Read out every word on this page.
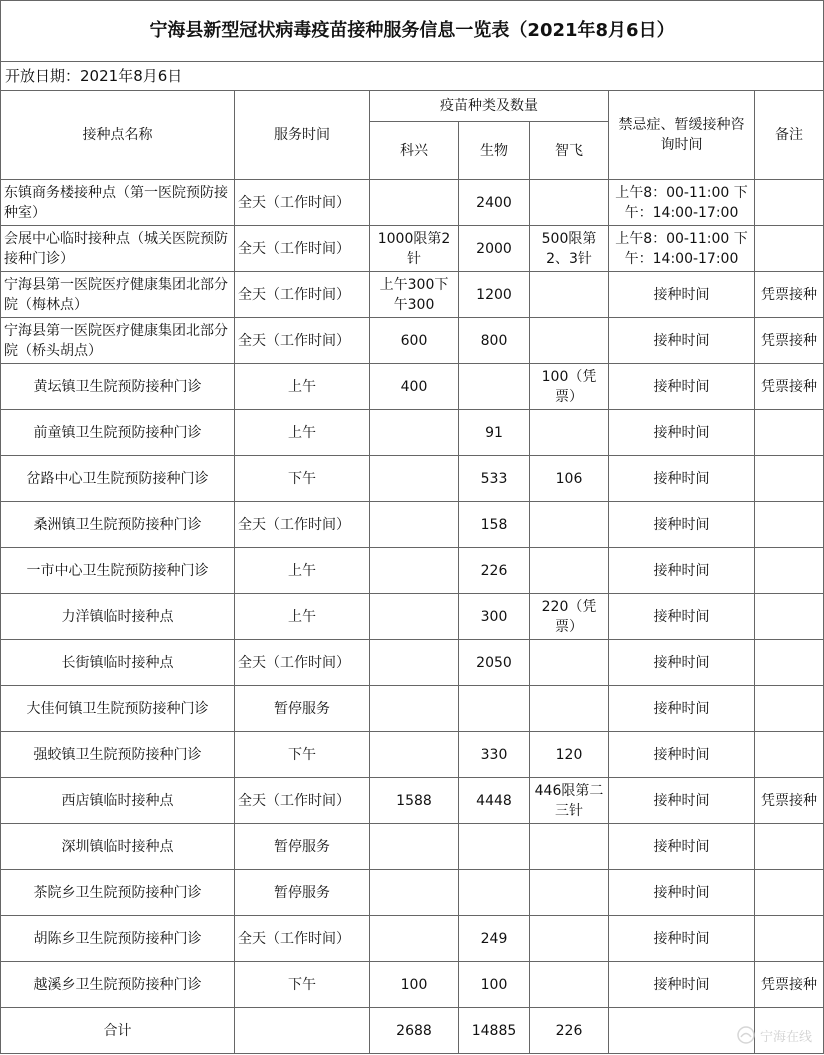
宁海县新型冠状病毒疫苗接种服务信息一览表（2021年8月6日）						
开放日期：2021年8月6日						
接种点名称	服务时间	疫苗种类及数量			禁忌症、暂缓接种咨询时间	备注
		科兴	生物	智飞		
东镇商务楼接种点（第一医院预防接种室）	全天（工作时间）		2400		上午8：00-11:00 下午：14:00-17:00	
会展中心临时接种点（城关医院预防接种门诊）	全天（工作时间）	1000限第2针	2000	500限第2、3针	上午8：00-11:00 下午：14:00-17:00	
宁海县第一医院医疗健康集团北部分院（梅林点）	全天（工作时间）	上午300下午300	1200		接种时间	凭票接种
宁海县第一医院医疗健康集团北部分院（桥头胡点）	全天（工作时间）	600	800		接种时间	凭票接种
黄坛镇卫生院预防接种门诊	上午	400		100（凭票）	接种时间	凭票接种
前童镇卫生院预防接种门诊	上午		91		接种时间	
岔路中心卫生院预防接种门诊	下午		533	106	接种时间	
桑洲镇卫生院预防接种门诊	全天（工作时间）		158		接种时间	
一市中心卫生院预防接种门诊	上午		226		接种时间	
力洋镇临时接种点	上午		300	220（凭票）	接种时间	
长街镇临时接种点	全天（工作时间）		2050		接种时间	
大佳何镇卫生院预防接种门诊	暂停服务				接种时间	
强蛟镇卫生院预防接种门诊	下午		330	120	接种时间	
西店镇临时接种点	全天（工作时间）	1588	4448	446限第二三针	接种时间	凭票接种
深圳镇临时接种点	暂停服务				接种时间	
茶院乡卫生院预防接种门诊	暂停服务				接种时间	
胡陈乡卫生院预防接种门诊	全天（工作时间）		249		接种时间	
越溪乡卫生院预防接种门诊	下午	100	100		接种时间	凭票接种
合计		2688	14885	226			宁海在线
